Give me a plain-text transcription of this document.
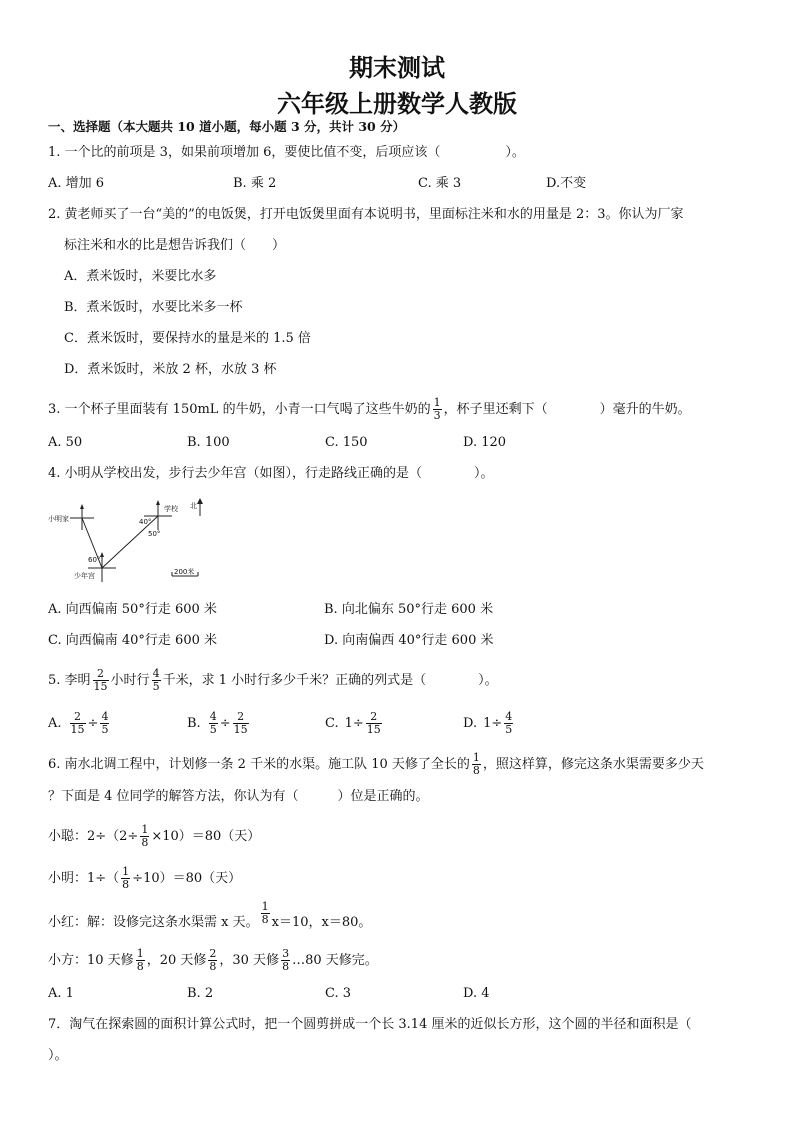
期末测试
六年级上册数学人教版
一、选择题（本大题共 10 道小题，每小题 3 分，共计 30 分）
1. 一个比的前项是 3，如果前项增加 6，要使比值不变，后项应该（　　　　　）。
A. 增加 6	B. 乘 2	C. 乘 3	D.不变
2. 黄老师买了一台“美的”的电饭煲，打开电饭煲里面有本说明书，里面标注米和水的用量是 2：3。你认为厂家
标注米和水的比是想告诉我们（　　）
A．煮米饭时，米要比水多
B．煮米饭时，水要比米多一杯
C．煮米饭时，要保持水的量是米的 1.5 倍
D．煮米饭时，米放 2 杯，水放 3 杯
3. 一个杯子里面装有 150mL 的牛奶，小青一口气喝了这些牛奶的 $\frac{1}{3}$ ，杯子里还剩下（　　　　）毫升的牛奶。
A. 50	B. 100	C. 150	D. 120
4. 小明从学校出发，步行去少年宫（如图），行走路线正确的是（　　　　）。
小明家
学校 北
40°
50°
60°
少年宫	200米
A. 向西偏南 50°行走 600 米	B. 向北偏东 50°行走 600 米
C. 向西偏南 40°行走 600 米	D. 向南偏西 40°行走 600 米
5. 李明 $\frac{2}{15}$ 小时行 $\frac{4}{5}$ 千米，求 1 小时行多少千米？正确的列式是（　　　　）。
A. $\frac{2}{15} \div \frac{4}{5}$	B. $\frac{4}{5} \div \frac{2}{15}$	C. $1\div \frac{2}{15}$	D. $1\div \frac{4}{5}$
6. 南水北调工程中，计划修一条 2 千米的水渠。施工队 10 天修了全长的 $\frac{1}{8}$ ，照这样算，修完这条水渠需要多少天
？下面是 4 位同学的解答方法，你认为有（　　　）位是正确的。
小聪：$2\div(2\div \frac{1}{8} \times 10)=80$（天）
小明：$1\div( \frac{1}{8} \div 10)=80$（天）
小红：解：设修完这条水渠需 x 天。 $\frac{1}{8} x=10$，x＝80。
小方：10 天修 $\frac{1}{8}$ ，20 天修 $\frac{2}{8}$ ，30 天修 $\frac{3}{8}$ …80 天修完。
A. 1	B. 2	C. 3	D. 4
7．淘气在探索圆的面积计算公式时，把一个圆剪拼成一个长 3.14 厘米的近似长方形，这个圆的半径和面积是（
）。
